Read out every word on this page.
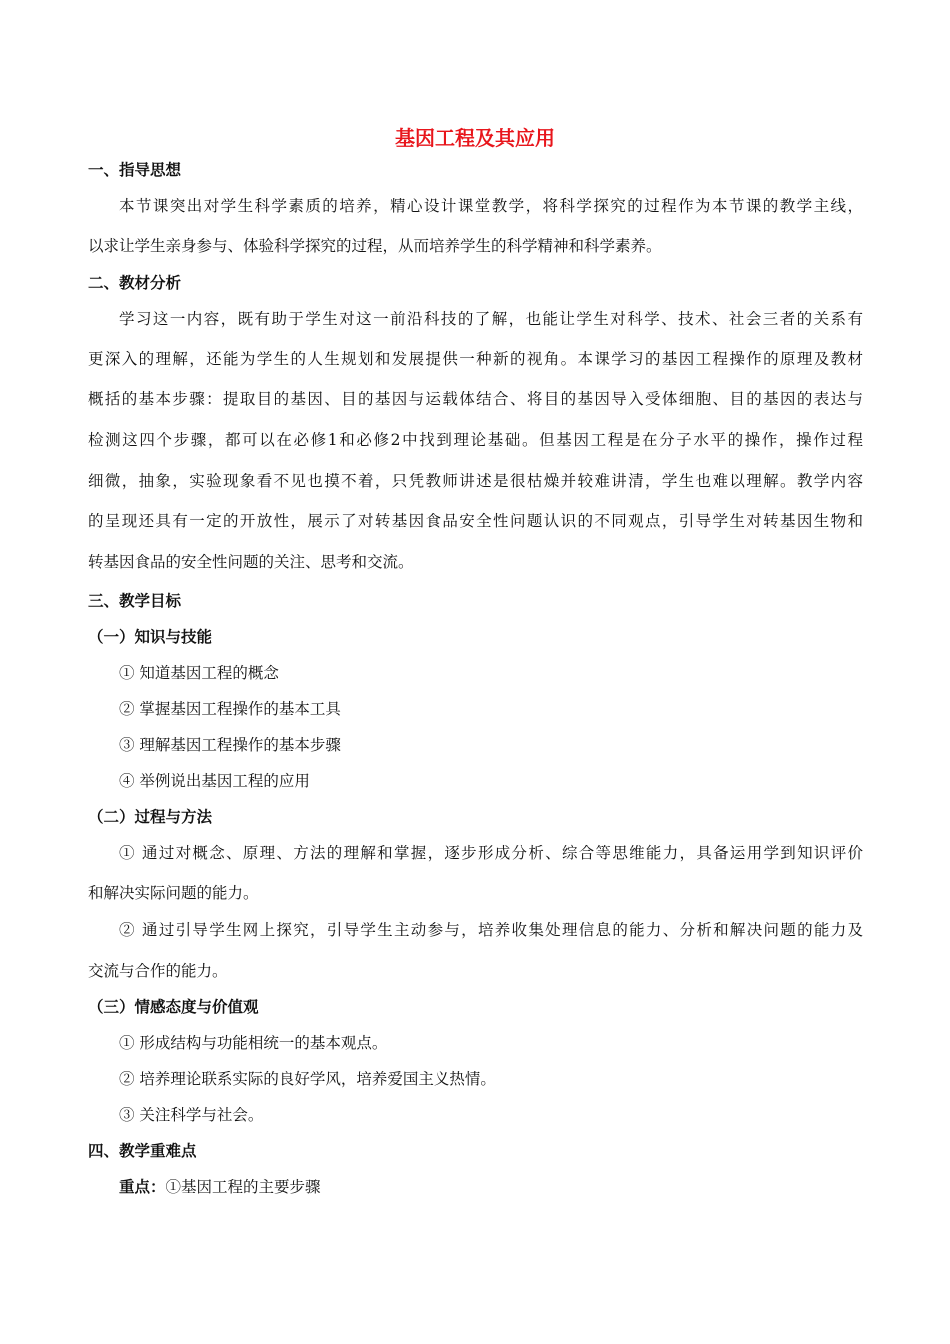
基因工程及其应用
一、指导思想
本节课突出对学生科学素质的培养，精心设计课堂教学，将科学探究的过程作为本节课的教学主线，
以求让学生亲身参与、体验科学探究的过程，从而培养学生的科学精神和科学素养。
二、教材分析
学习这一内容，既有助于学生对这一前沿科技的了解，也能让学生对科学、技术、社会三者的关系有
更深入的理解，还能为学生的人生规划和发展提供一种新的视角。本课学习的基因工程操作的原理及教材
概括的基本步骤：提取目的基因、目的基因与运载体结合、将目的基因导入受体细胞、目的基因的表达与
检测这四个步骤，都可以在必修1和必修2中找到理论基础。但基因工程是在分子水平的操作，操作过程
细微，抽象，实验现象看不见也摸不着，只凭教师讲述是很枯燥并较难讲清，学生也难以理解。教学内容
的呈现还具有一定的开放性，展示了对转基因食品安全性问题认识的不同观点，引导学生对转基因生物和
转基因食品的安全性问题的关注、思考和交流。
三、教学目标
（一）知识与技能
① 知道基因工程的概念
② 掌握基因工程操作的基本工具
③ 理解基因工程操作的基本步骤
④ 举例说出基因工程的应用
（二）过程与方法
① 通过对概念、原理、方法的理解和掌握，逐步形成分析、综合等思维能力，具备运用学到知识评价
和解决实际问题的能力。
② 通过引导学生网上探究，引导学生主动参与，培养收集处理信息的能力、分析和解决问题的能力及
交流与合作的能力。
（三）情感态度与价值观
① 形成结构与功能相统一的基本观点。
② 培养理论联系实际的良好学风，培养爱国主义热情。
③ 关注科学与社会。
四、教学重难点
重点：①基因工程的主要步骤
